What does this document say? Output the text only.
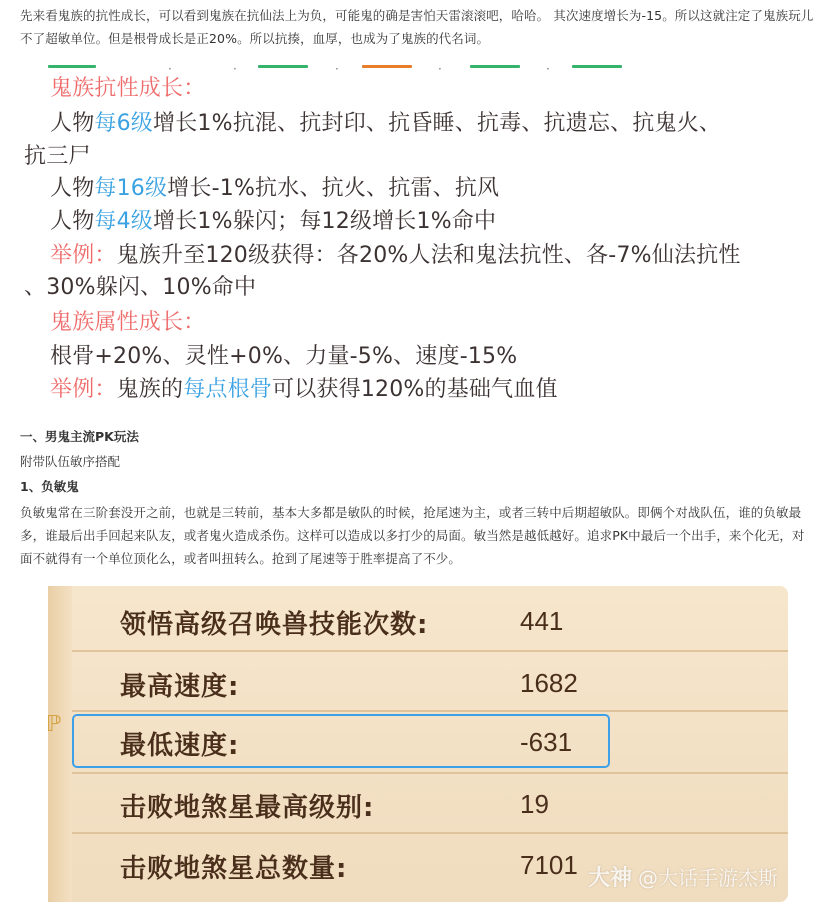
先来看鬼族的抗性成长，可以看到鬼族在抗仙法上为负，可能鬼的确是害怕天雷滚滚吧，哈哈。 其次速度增长为-15。所以这就注定了鬼族玩儿不了超敏单位。但是根骨成长是正20%。所以抗揍，血厚，也成为了鬼族的代名词。
·	·	·	·	·
鬼族抗性成长：
人物每6级增长1%抗混、抗封印、抗昏睡、抗毒、抗遗忘、抗鬼火、
抗三尸
人物每16级增长-1%抗水、抗火、抗雷、抗风
人物每4级增长1%躲闪；每12级增长1%命中
举例：鬼族升至120级获得：各20%人法和鬼法抗性、各-7%仙法抗性
、30%躲闪、10%命中
鬼族属性成长：
根骨+20%、灵性+0%、力量-5%、速度-15%
举例：鬼族的每点根骨可以获得120%的基础气血值
一、男鬼主流PK玩法
附带队伍敏序搭配
1、负敏鬼
负敏鬼常在三阶套没开之前，也就是三转前，基本大多都是敏队的时候，抢尾速为主，或者三转中后期超敏队。即俩个对战队伍，谁的负敏最多，谁最后出手回起来队友，或者鬼火造成杀伤。这样可以造成以多打少的局面。敏当然是越低越好。追求PK中最后一个出手，来个化无，对面不就得有一个单位顶化么，或者叫扭转么。抢到了尾速等于胜率提高了不少。
ℙ
领悟高级召唤兽技能次数:	441
最高速度:	1682
最低速度:	-631
击败地煞星最高级别:	19
击败地煞星总数量:	7101 大神 @大话手游杰斯
